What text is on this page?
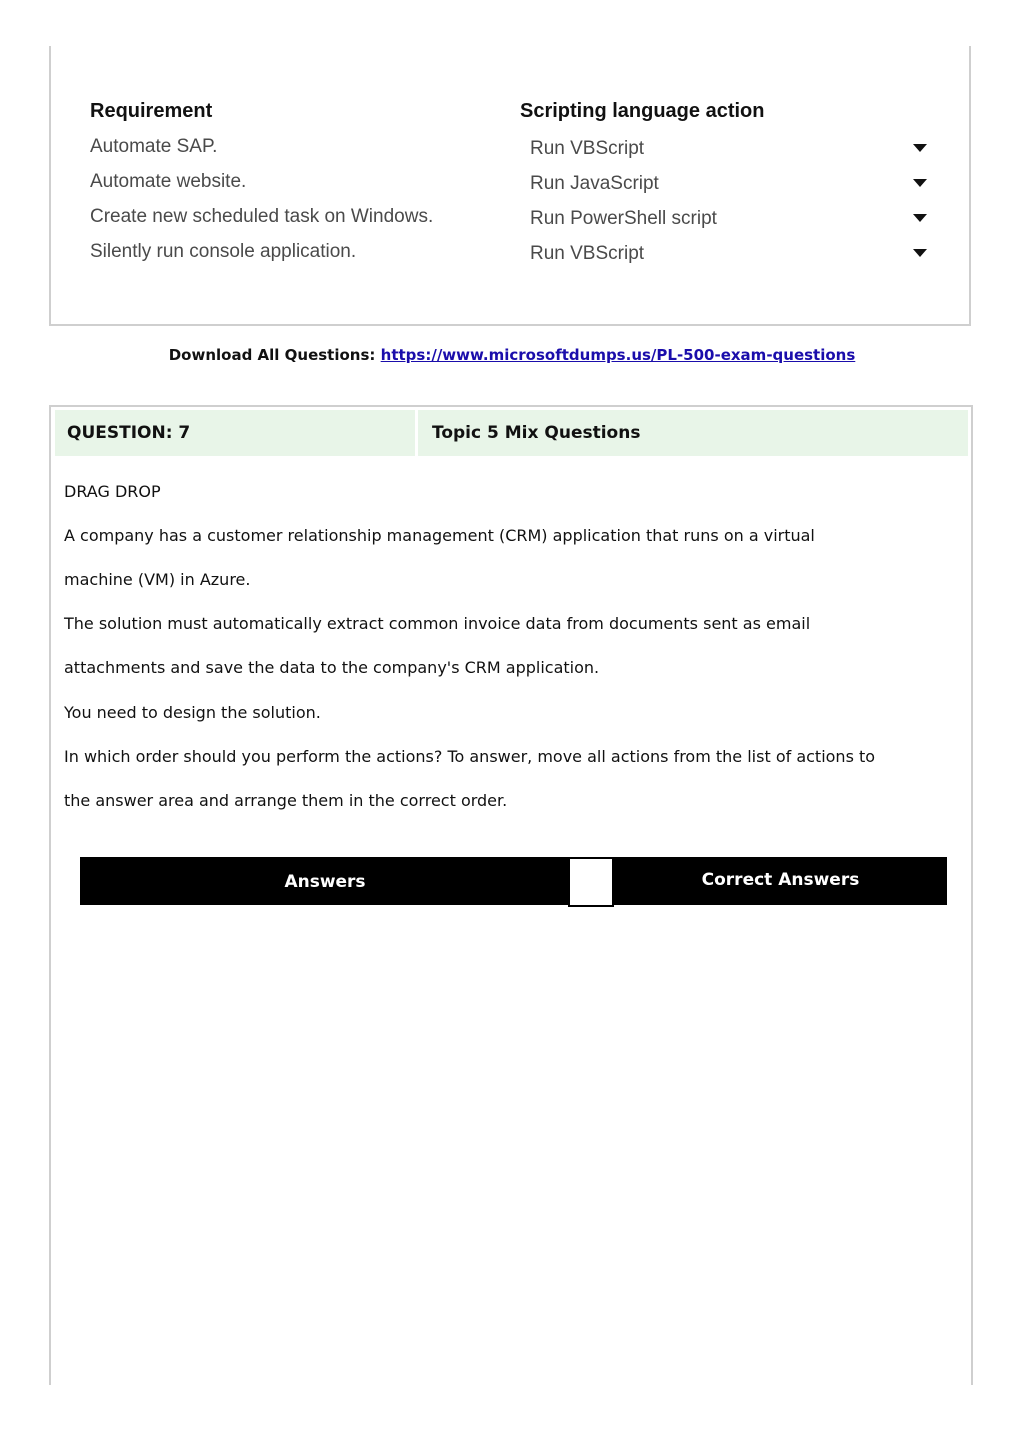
Requirement	Scripting language action
Automate SAP.	Run VBScript
Automate website.	Run JavaScript
Create new scheduled task on Windows.	Run PowerShell script
Silently run console application.	Run VBScript
Download All Questions: https://www.microsoftdumps.us/PL-500-exam-questions
QUESTION: 7	Topic 5 Mix Questions
DRAG DROP
A company has a customer relationship management (CRM) application that runs on a virtual
machine (VM) in Azure.
The solution must automatically extract common invoice data from documents sent as email
attachments and save the data to the company's CRM application.
You need to design the solution.
In which order should you perform the actions? To answer, move all actions from the list of actions to
the answer area and arrange them in the correct order.
Answers	Correct Answers
